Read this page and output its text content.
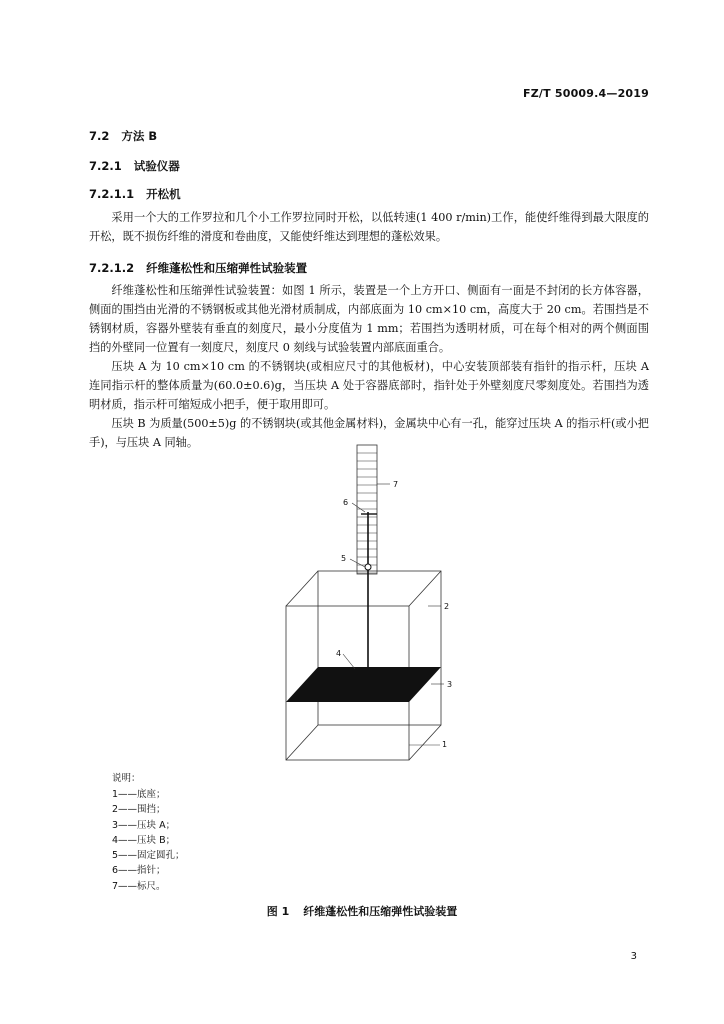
FZ/T 50009.4—2019
7.2 方法 B
7.2.1 试验仪器
7.2.1.1 开松机

采用一个大的工作罗拉和几个小工作罗拉同时开松，以低转速(1 400 r/min)工作，能使纤维得到最大限度的开松，既不损伤纤维的滑度和卷曲度，又能使纤维达到理想的蓬松效果。

7.2.1.2 纤维蓬松性和压缩弹性试验装置

纤维蓬松性和压缩弹性试验装置：如图 1 所示，装置是一个上方开口、侧面有一面是不封闭的长方体容器，侧面的围挡由光滑的不锈钢板或其他光滑材质制成，内部底面为 10 cm×10 cm，高度大于 20 cm。若围挡是不锈钢材质，容器外壁装有垂直的刻度尺，最小分度值为 1 mm；若围挡为透明材质，可在每个相对的两个侧面围挡的外壁同一位置有一刻度尺，刻度尺 0 刻线与试验装置内部底面重合。

压块 A 为 10 cm×10 cm 的不锈钢块(或相应尺寸的其他板材)，中心安装顶部装有指针的指示杆，压块 A 连同指示杆的整体质量为(60.0±0.6)g，当压块 A 处于容器底部时，指针处于外壁刻度尺零刻度处。若围挡为透明材质，指示杆可缩短成小把手，便于取用即可。

压块 B 为质量(500±5)g 的不锈钢块(或其他金属材料)，金属块中心有一孔，能穿过压块 A 的指示杆(或小把手)，与压块 A 同轴。

7
6
5
4
2
3
1
说明：
1——底座；
2——围挡；
3——压块 A；
4——压块 B；
5——固定圆孔；
6——指针；
7——标尺。
图 1 纤维蓬松性和压缩弹性试验装置
3
